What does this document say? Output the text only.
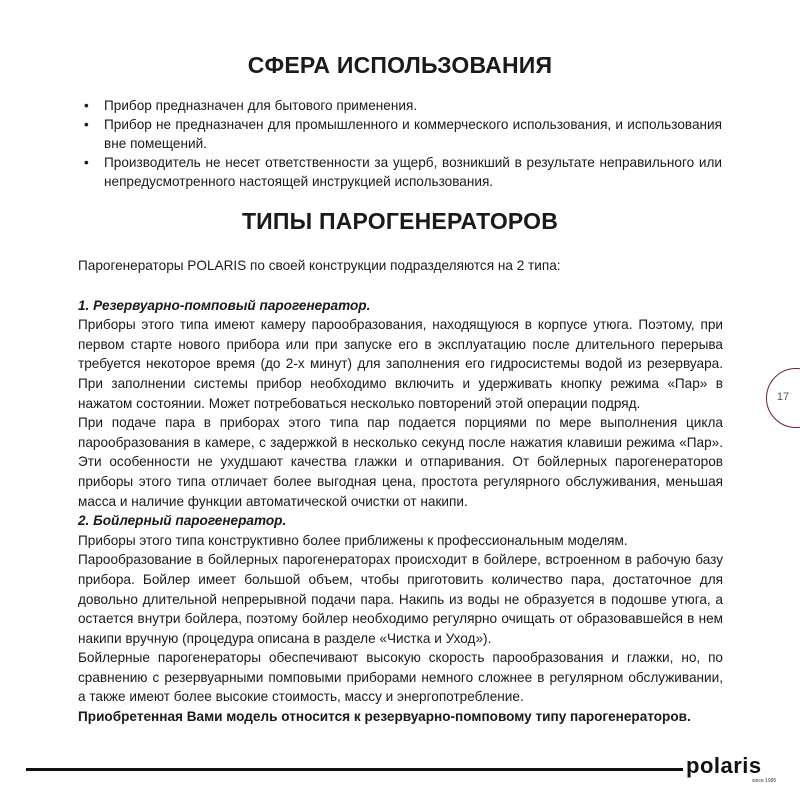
СФЕРА ИСПОЛЬЗОВАНИЯ
• Прибор предназначен для бытового применения.
• Прибор не предназначен для промышленного и коммерческого использования, и использования вне помещений.
• Производитель не несет ответственности за ущерб, возникший в результате неправильного или непредусмотренного настоящей инструкцией использования.
ТИПЫ ПАРОГЕНЕРАТОРОВ

Парогенераторы POLARIS по своей конструкции подразделяются на 2 типа:

1. Резервуарно-помповый парогенератор.

Приборы этого типа имеют камеру парообразования, находящуюся в корпусе утюга. Поэтому, при первом старте нового прибора или при запуске его в эксплуатацию после длительного перерыва требуется некоторое время (до 2-х минут) для заполнения его гидросистемы водой из резервуара. При заполнении системы прибор необходимо включить и удерживать кнопку режима «Пар» в нажатом состоянии. Может потребоваться несколько повторений этой операции подряд.

При подаче пара в приборах этого типа пар подается порциями по мере выполнения цикла парообразования в камере, с задержкой в несколько секунд после нажатия клавиши режима «Пар». Эти особенности не ухудшают качества глажки и отпаривания. От бойлерных парогенераторов приборы этого типа отличает более выгодная цена, простота регулярного обслуживания, меньшая масса и наличие функции автоматической очистки от накипи.

2. Бойлерный парогенератор.

Приборы этого типа конструктивно более приближены к профессиональным моделям.

Парообразование в бойлерных парогенераторах происходит в бойлере, встроенном в рабочую базу прибора. Бойлер имеет большой объем, чтобы приготовить количество пара, достаточное для довольно длительной непрерывной подачи пара. Накипь из воды не образуется в подошве утюга, а остается внутри бойлера, поэтому бойлер необходимо регулярно очищать от образовавшейся в нем накипи вручную (процедура описана в разделе «Чистка и Уход»).

Бойлерные парогенераторы обеспечивают высокую скорость парообразования и глажки, но, по сравнению с резервуарными помповыми приборами немного сложнее в регулярном обслуживании, а также имеют более высокие стоимость, массу и энергопотребление.

Приобретенная Вами модель относится к резервуарно-помповому типу парогенераторов.

17
polaris
since 1995
